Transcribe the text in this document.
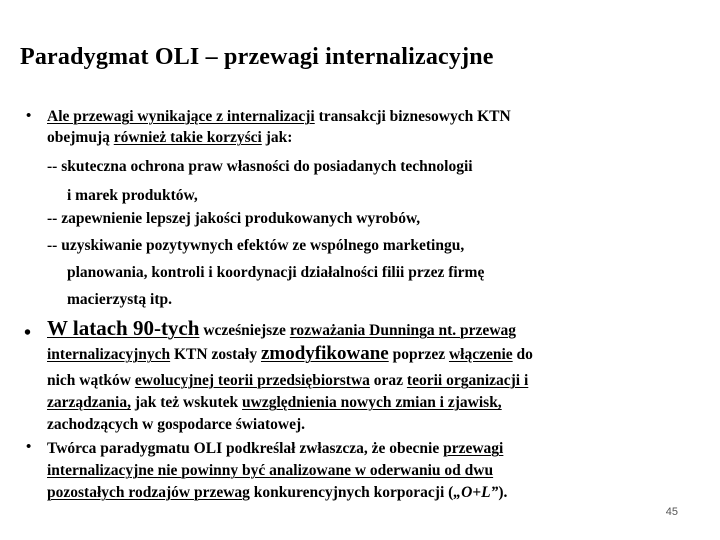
Paradygmat OLI – przewagi internalizacyjne
• Ale przewagi wynikające z internalizacji transakcji biznesowych KTN
obejmują również takie korzyści jak:
-- skuteczna ochrona praw własności do posiadanych technologii
i marek produktów,
-- zapewnienie lepszej jakości produkowanych wyrobów,
-- uzyskiwanie pozytywnych efektów ze wspólnego marketingu,
planowania, kontroli i koordynacji działalności filii przez firmę
macierzystą itp.
• W latach 90-tych wcześniejsze rozważania Dunninga nt. przewag
internalizacyjnych KTN zostały zmodyfikowane poprzez włączenie do
nich wątków ewolucyjnej teorii przedsiębiorstwa oraz teorii organizacji i
zarządzania, jak też wskutek uwzględnienia nowych zmian i zjawisk,
zachodzących w gospodarce światowej.
• Twórca paradygmatu OLI podkreślał zwłaszcza, że obecnie przewagi
internalizacyjne nie powinny być analizowane w oderwaniu od dwu
pozostałych rodzajów przewag konkurencyjnych korporacji („O+L”).
45
